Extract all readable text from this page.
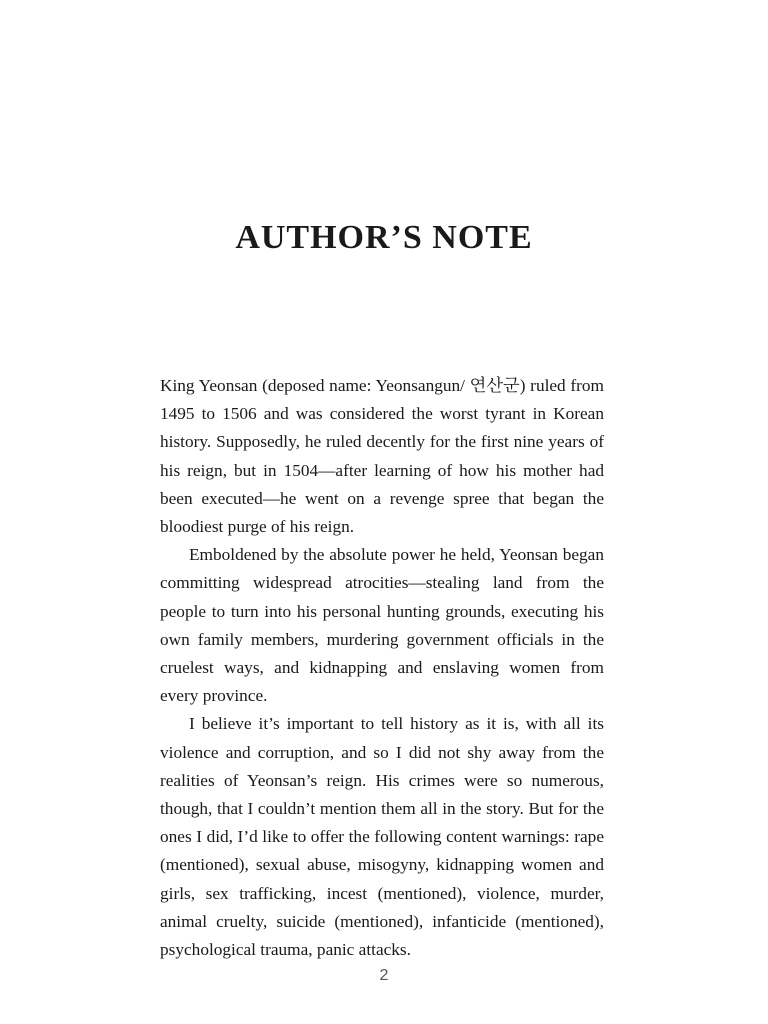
AUTHOR’S NOTE

King Yeonsan (deposed name: Yeonsangun/ 연산군) ruled from 1495 to 1506 and was considered the worst tyrant in Korean history. Supposedly, he ruled decently for the first nine years of his reign, but in 1504—after learning of how his mother had been executed—he went on a revenge spree that began the bloodiest purge of his reign.

Emboldened by the absolute power he held, Yeonsan began committing widespread atrocities—stealing land from the people to turn into his personal hunting grounds, executing his own family members, murdering government officials in the cruelest ways, and kidnapping and enslaving women from every province.

I believe it’s important to tell history as it is, with all its violence and corruption, and so I did not shy away from the realities of Yeonsan’s reign. His crimes were so numerous, though, that I couldn’t mention them all in the story. But for the ones I did, I’d like to offer the following content warnings: rape (mentioned), sexual abuse, misogyny, kidnapping women and girls, sex trafficking, incest (mentioned), violence, murder, animal cruelty, suicide (mentioned), infanticide (mentioned), psychological trauma, panic attacks.

2
